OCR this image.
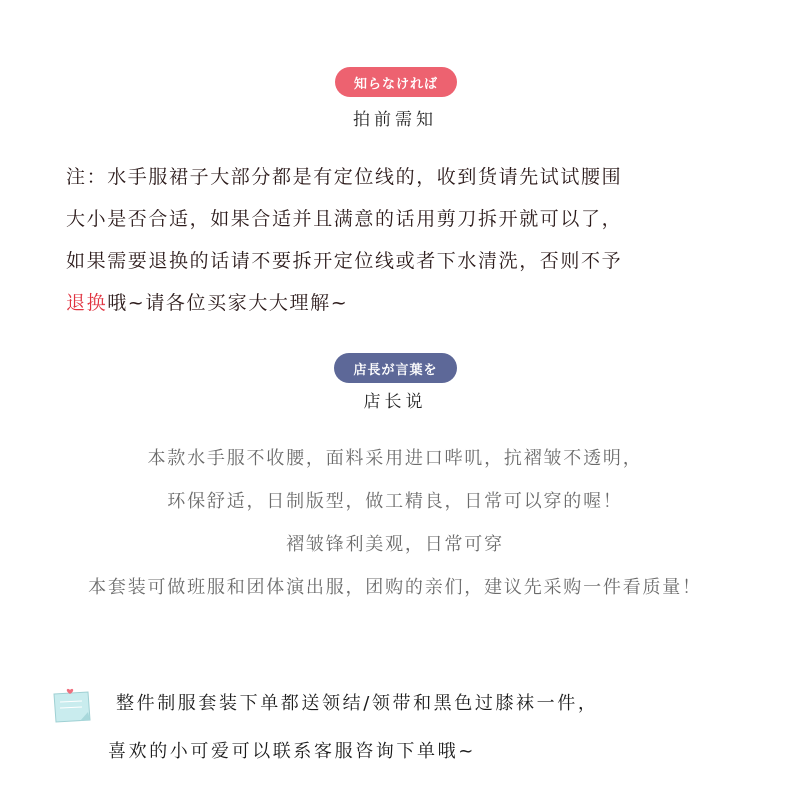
知らなければ
拍前需知
注：水手服裙子大部分都是有定位线的，收到货请先试试腰围
大小是否合适，如果合适并且满意的话用剪刀拆开就可以了，
如果需要退换的话请不要拆开定位线或者下水清洗，否则不予
退换哦~请各位买家大大理解~
店長が言葉を
店长说
本款水手服不收腰，面料采用进口哔叽，抗褶皱不透明，
环保舒适，日制版型，做工精良，日常可以穿的喔！
褶皱锋利美观，日常可穿
本套装可做班服和团体演出服，团购的亲们，建议先采购一件看质量！
整件制服套装下单都送领结/领带和黑色过膝袜一件，
喜欢的小可爱可以联系客服咨询下单哦~
